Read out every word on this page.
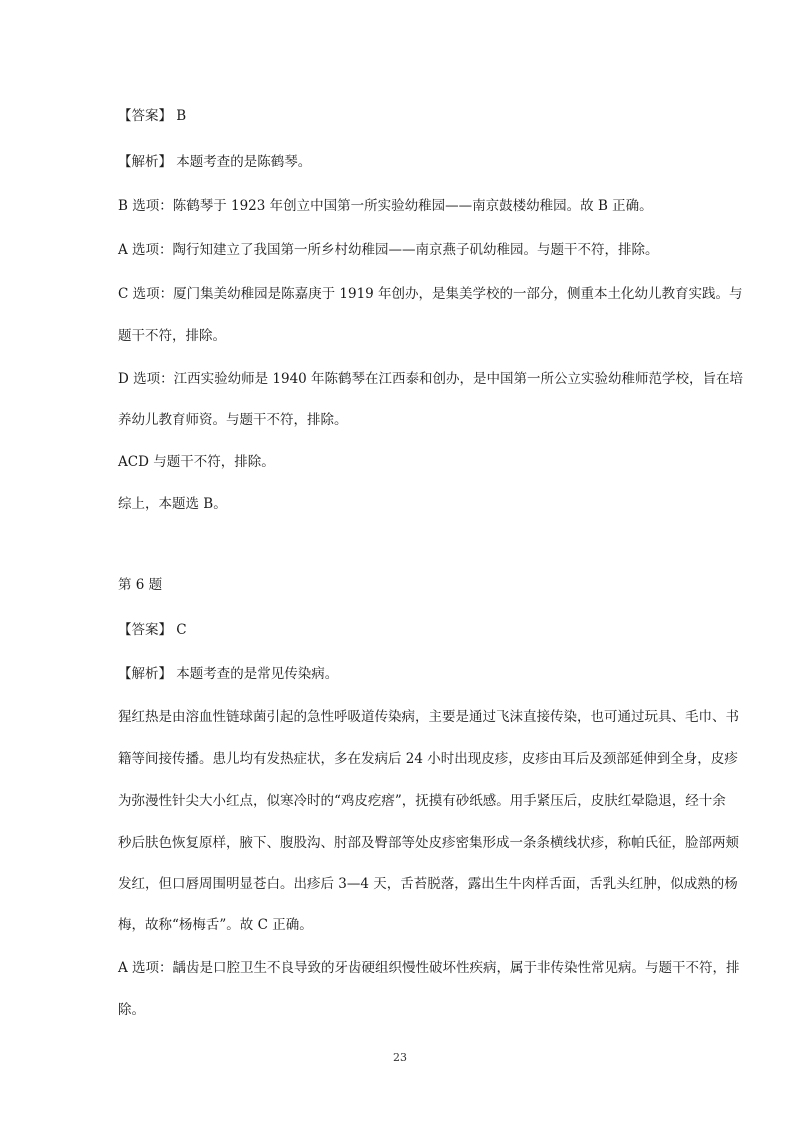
【答案】 B
【解析】 本题考查的是陈鹤琴。
B 选项：陈鹤琴于 1923 年创立中国第一所实验幼稚园——南京鼓楼幼稚园。故 B 正确。
A 选项：陶行知建立了我国第一所乡村幼稚园——南京燕子矶幼稚园。与题干不符，排除。
C 选项：厦门集美幼稚园是陈嘉庚于 1919 年创办，是集美学校的一部分，侧重本土化幼儿教育实践。与
题干不符，排除。
D 选项：江西实验幼师是 1940 年陈鹤琴在江西泰和创办，是中国第一所公立实验幼稚师范学校，旨在培
养幼儿教育师资。与题干不符，排除。
ACD 与题干不符，排除。
综上，本题选 B。
第 6 题
【答案】 C
【解析】 本题考查的是常见传染病。
猩红热是由溶血性链球菌引起的急性呼吸道传染病，主要是通过飞沫直接传染，也可通过玩具、毛巾、书
籍等间接传播。患儿均有发热症状，多在发病后 24 小时出现皮疹，皮疹由耳后及颈部延伸到全身，皮疹
为弥漫性针尖大小红点，似寒冷时的“鸡皮疙瘩”，抚摸有砂纸感。用手紧压后，皮肤红晕隐退，经十余
秒后肤色恢复原样，腋下、腹股沟、肘部及臀部等处皮疹密集形成一条条横线状疹，称帕氏征，脸部两颊
发红，但口唇周围明显苍白。出疹后 3—4 天，舌苔脱落，露出生牛肉样舌面，舌乳头红肿，似成熟的杨
梅，故称“杨梅舌”。故 C 正确。
A 选项：龋齿是口腔卫生不良导致的牙齿硬组织慢性破坏性疾病，属于非传染性常见病。与题干不符，排
除。
23
